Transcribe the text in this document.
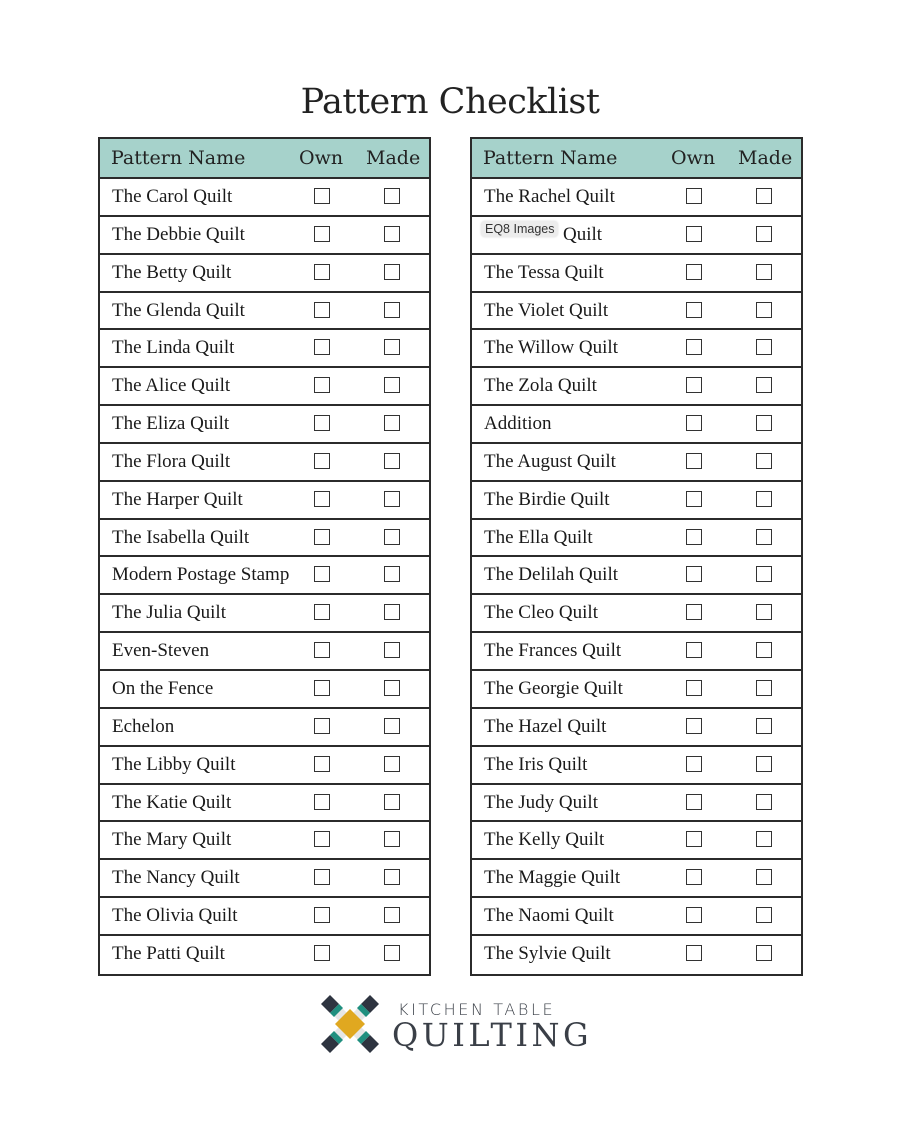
Pattern Checklist
Pattern Name	Own Made
The Carol Quilt
The Debbie Quilt
The Betty Quilt
The Glenda Quilt
The Linda Quilt
The Alice Quilt
The Eliza Quilt
The Flora Quilt
The Harper Quilt
The Isabella Quilt
Modern Postage Stamp
The Julia Quilt
Even-Steven
On the Fence
Echelon
The Libby Quilt
The Katie Quilt
The Mary Quilt
The Nancy Quilt
The Olivia Quilt
The Patti Quilt
Pattern Name	Own Made
The Rachel Quilt
Quilt
The Tessa Quilt
The Violet Quilt
The Willow Quilt
The Zola Quilt
Addition
The August Quilt
The Birdie Quilt
The Ella Quilt
The Delilah Quilt
The Cleo Quilt
The Frances Quilt
The Georgie Quilt
The Hazel Quilt
The Iris Quilt
The Judy Quilt
The Kelly Quilt
The Maggie Quilt
The Naomi Quilt
The Sylvie Quilt
EQ8 Images
KITCHEN TABLE
QUILTING
